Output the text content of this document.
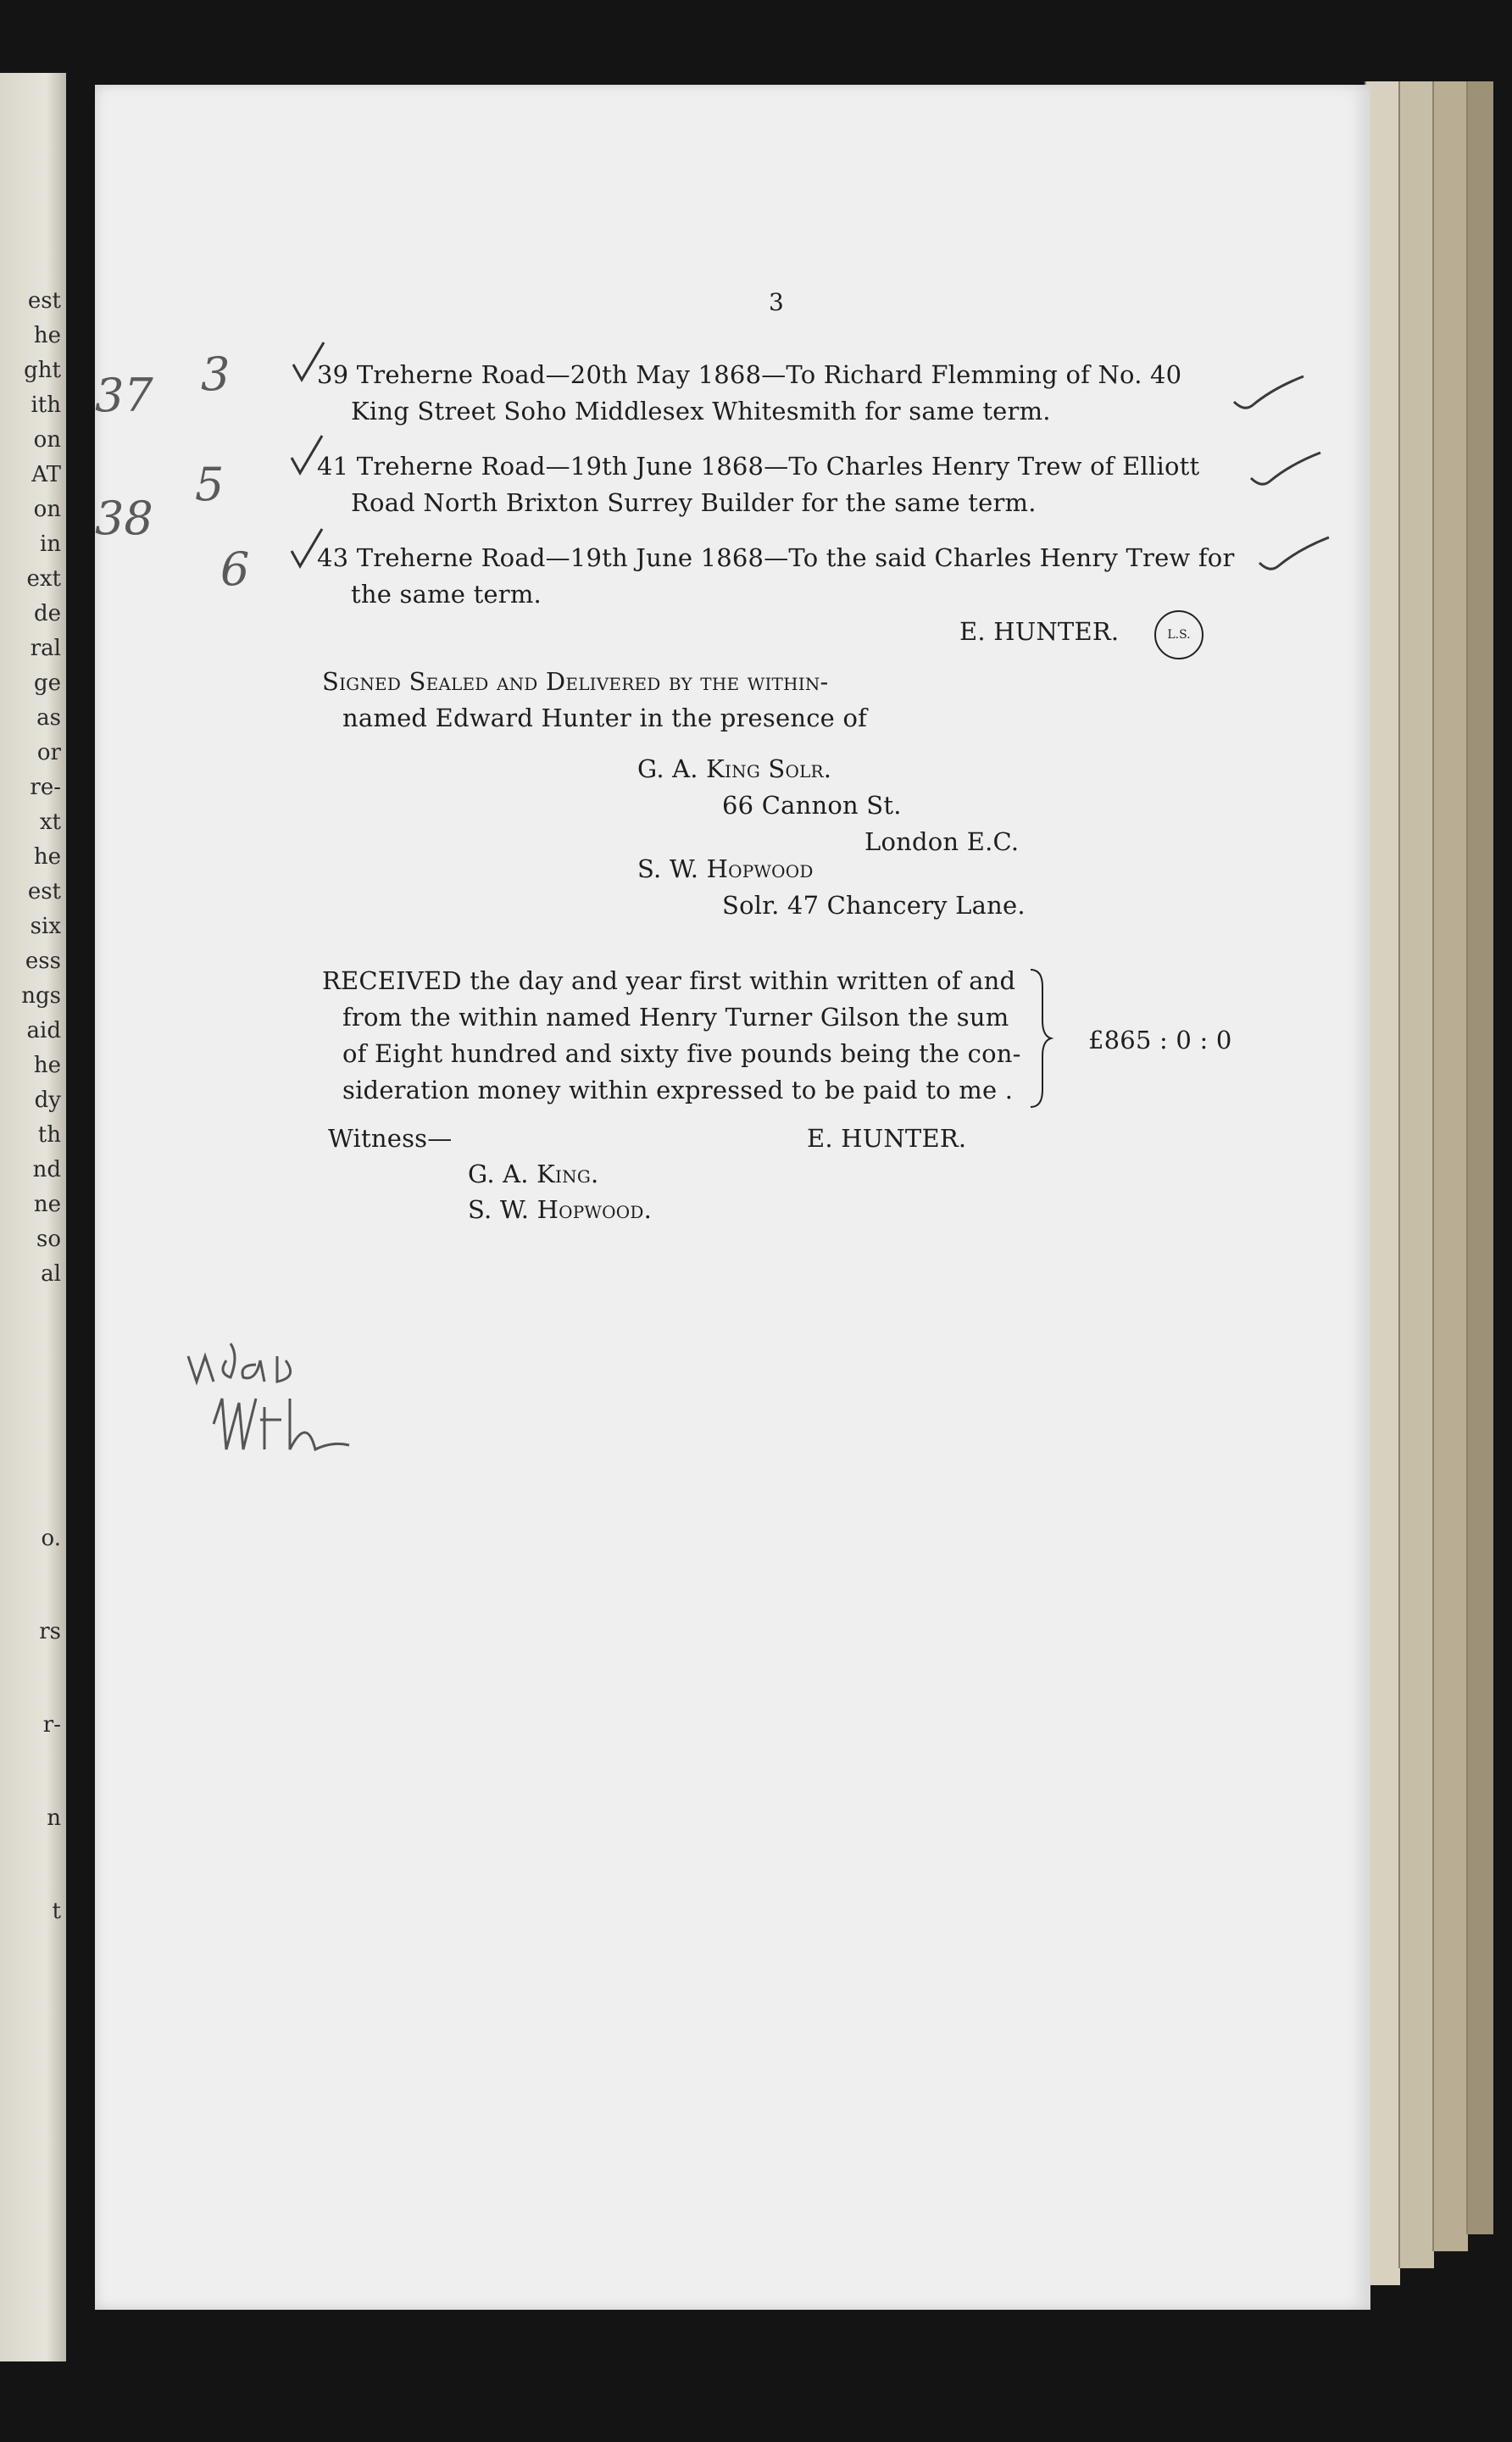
est
he
ght
ith
on
AT
on
in
ext
de
ral
ge
as
or
re-
xt
he
est
six
ess
ngs
aid
he
dy
th
nd
ne
so
al
o.
rs
r-
n
t
3
39 Treherne Road—20th May 1868—To Richard Flemming of No. 40
King Street Soho Middlesex Whitesmith for same term.
41 Treherne Road—19th June 1868—To Charles Henry Trew of Elliott
Road North Brixton Surrey Builder for the same term.
43 Treherne Road—19th June 1868—To the said Charles Henry Trew for
the same term.
E. HUNTER.	L.S.
Signed Sealed and Delivered by the within-
named Edward Hunter in the presence of
G. A. King Solr.
66 Cannon St.
London E.C.
S. W. Hopwood
Solr. 47 Chancery Lane.
RECEIVED the day and year first within written of and
from the within named Henry Turner Gilson the sum
of Eight hundred and sixty five pounds being the con-
sideration money within expressed to be paid to me .
£865 : 0 : 0
Witness—	E. HUNTER.
G. A. King.
S. W. Hopwood.
37
38
3
5
6
